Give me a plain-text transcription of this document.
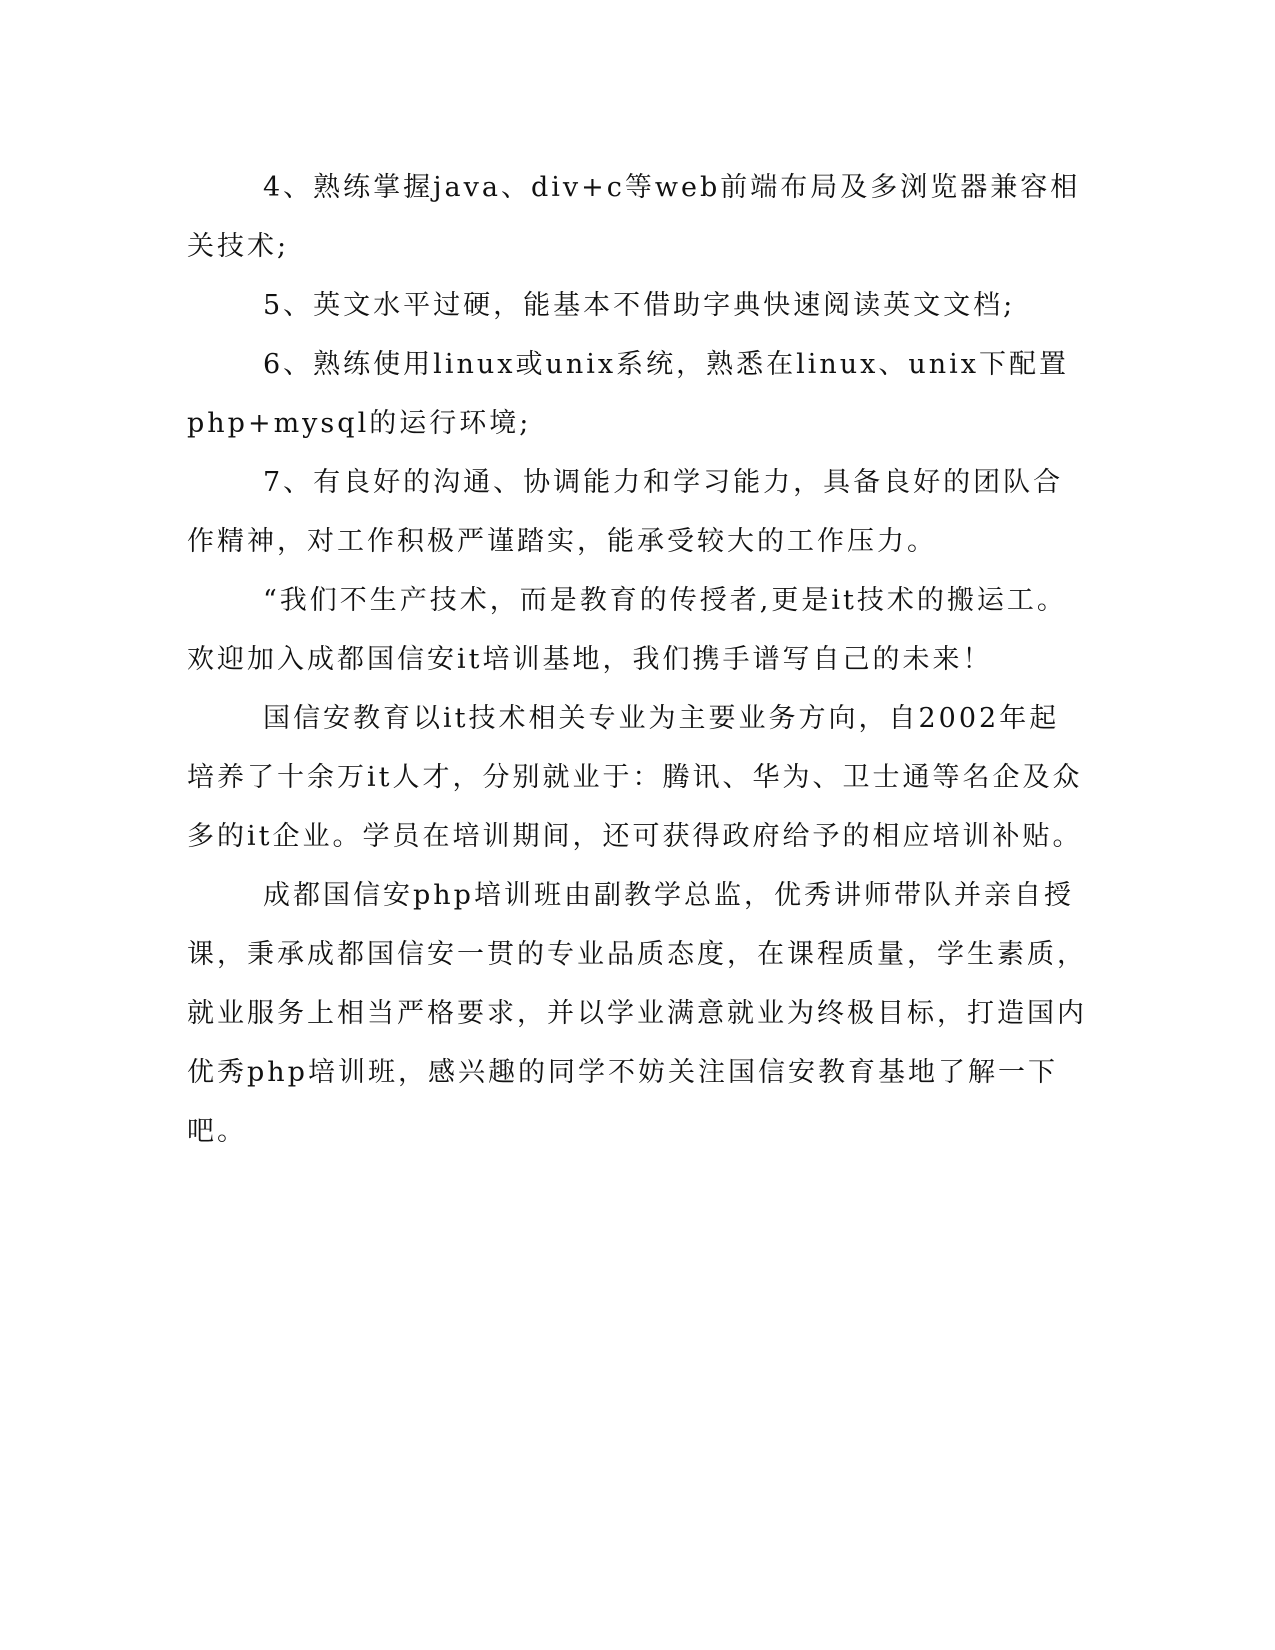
4、熟练掌握java、div+c等web前端布局及多浏览器兼容相关技术;

5、英文水平过硬，能基本不借助字典快速阅读英文文档;

6、熟练使用linux或unix系统，熟悉在linux、unix下配置php+mysql的运行环境;

7、有良好的沟通、协调能力和学习能力，具备良好的团队合作精神，对工作积极严谨踏实，能承受较大的工作压力。

“我们不生产技术，而是教育的传授者,更是it技术的搬运工。欢迎加入成都国信安it培训基地，我们携手谱写自己的未来！

国信安教育以it技术相关专业为主要业务方向，自2002年起培养了十余万it人才，分别就业于：腾讯、华为、卫士通等名企及众多的it企业。学员在培训期间，还可获得政府给予的相应培训补贴。

成都国信安php培训班由副教学总监，优秀讲师带队并亲自授课，秉承成都国信安一贯的专业品质态度，在课程质量，学生素质，就业服务上相当严格要求，并以学业满意就业为终极目标，打造国内优秀php培训班，感兴趣的同学不妨关注国信安教育基地了解一下吧。
